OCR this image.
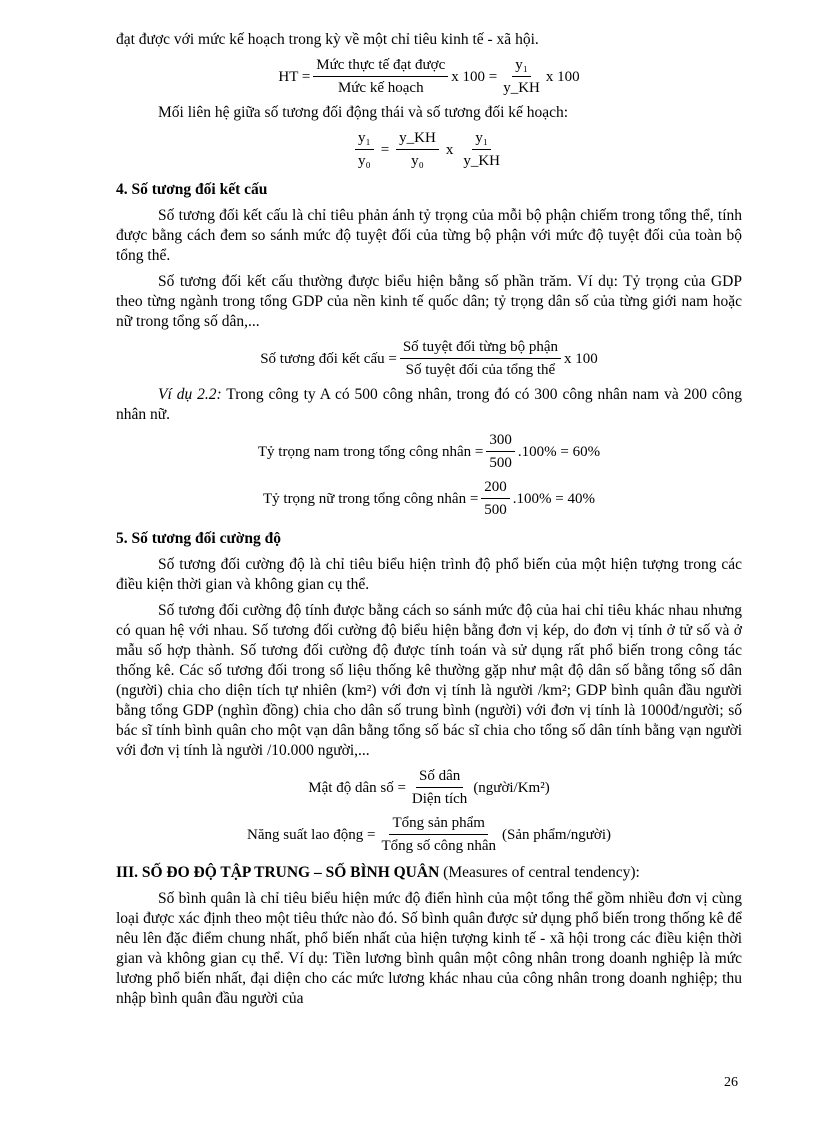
đạt được với mức kế hoạch trong kỳ về một chỉ tiêu kinh tế - xã hội.

HT = $\frac{\text{Mức thực tế đạt được}}{\text{Mức kế hoạch}}$ x $100 = \frac{\text{y₁}}{y\_KH}$ x 100

Mối liên hệ giữa số tương đối động thái và số tương đối kế hoạch:

$\frac{\text{y₁}}{\text{y₀}} = \frac{y\_KH}{\text{y₀}}$ x $\frac{\text{y₁}}{y\_KH}$
4. Số tương đối kết cấu

Số tương đối kết cấu là chỉ tiêu phản ánh tỷ trọng của mỗi bộ phận chiếm trong tổng thể, tính được bằng cách đem so sánh mức độ tuyệt đối của từng bộ phận với mức độ tuyệt đối của toàn bộ tổng thể.

Số tương đối kết cấu thường được biểu hiện bằng số phần trăm. Ví dụ: Tỷ trọng của GDP theo từng ngành trong tổng GDP của nền kinh tế quốc dân; tỷ trọng dân số của từng giới nam hoặc nữ trong tổng số dân,...

Số tương đối kết cấu = $\frac{\text{Số tuyệt đối từng bộ phận}}{\text{Số tuyệt đối của tổng thể}}$ x 100

Ví dụ 2.2: Trong công ty A có 500 công nhân, trong đó có 300 công nhân nam và 200 công nhân nữ.

Tỷ trọng nam trong tổng công nhân = $\frac{300}{500} .100\% = 60\%$
Tỷ trọng nữ trong tổng công nhân = $\frac{200}{500} .100\% = 40\%$
5. Số tương đối cường độ

Số tương đối cường độ là chỉ tiêu biểu hiện trình độ phổ biến của một hiện tượng trong các điều kiện thời gian và không gian cụ thể.

Số tương đối cường độ tính được bằng cách so sánh mức độ của hai chỉ tiêu khác nhau nhưng có quan hệ với nhau. Số tương đối cường độ biểu hiện bằng đơn vị kép, do đơn vị tính ở tử số và ở mẫu số hợp thành. Số tương đối cường độ được tính toán và sử dụng rất phổ biến trong công tác thống kê. Các số tương đối trong số liệu thống kê thường gặp như mật độ dân số bằng tổng số dân (người) chia cho diện tích tự nhiên (km²) với đơn vị tính là người /km²; GDP bình quân đầu người bằng tổng GDP (nghìn đồng) chia cho dân số trung bình (người) với đơn vị tính là 1000đ/người; số bác sĩ tính bình quân cho một vạn dân bằng tổng số bác sĩ chia cho tổng số dân tính bằng vạn người với đơn vị tính là người /10.000 người,...

Mật độ dân số = $\frac{\text{Số dân}}{\text{Diện tích}}$ (người/Km²)
Năng suất lao động = $\frac{\text{Tổng sản phẩm}}{\text{Tổng số công nhân}}$ (Sản phẩm/người)
III. SỐ ĐO ĐỘ TẬP TRUNG – SỐ BÌNH QUÂN (Measures of central tendency):

Số bình quân là chỉ tiêu biểu hiện mức độ điển hình của một tổng thể gồm nhiều đơn vị cùng loại được xác định theo một tiêu thức nào đó. Số bình quân được sử dụng phổ biến trong thống kê để nêu lên đặc điểm chung nhất, phổ biến nhất của hiện tượng kinh tế - xã hội trong các điều kiện thời gian và không gian cụ thể. Ví dụ: Tiền lương bình quân một công nhân trong doanh nghiệp là mức lương phổ biến nhất, đại diện cho các mức lương khác nhau của công nhân trong doanh nghiệp; thu nhập bình quân đầu người của

26
